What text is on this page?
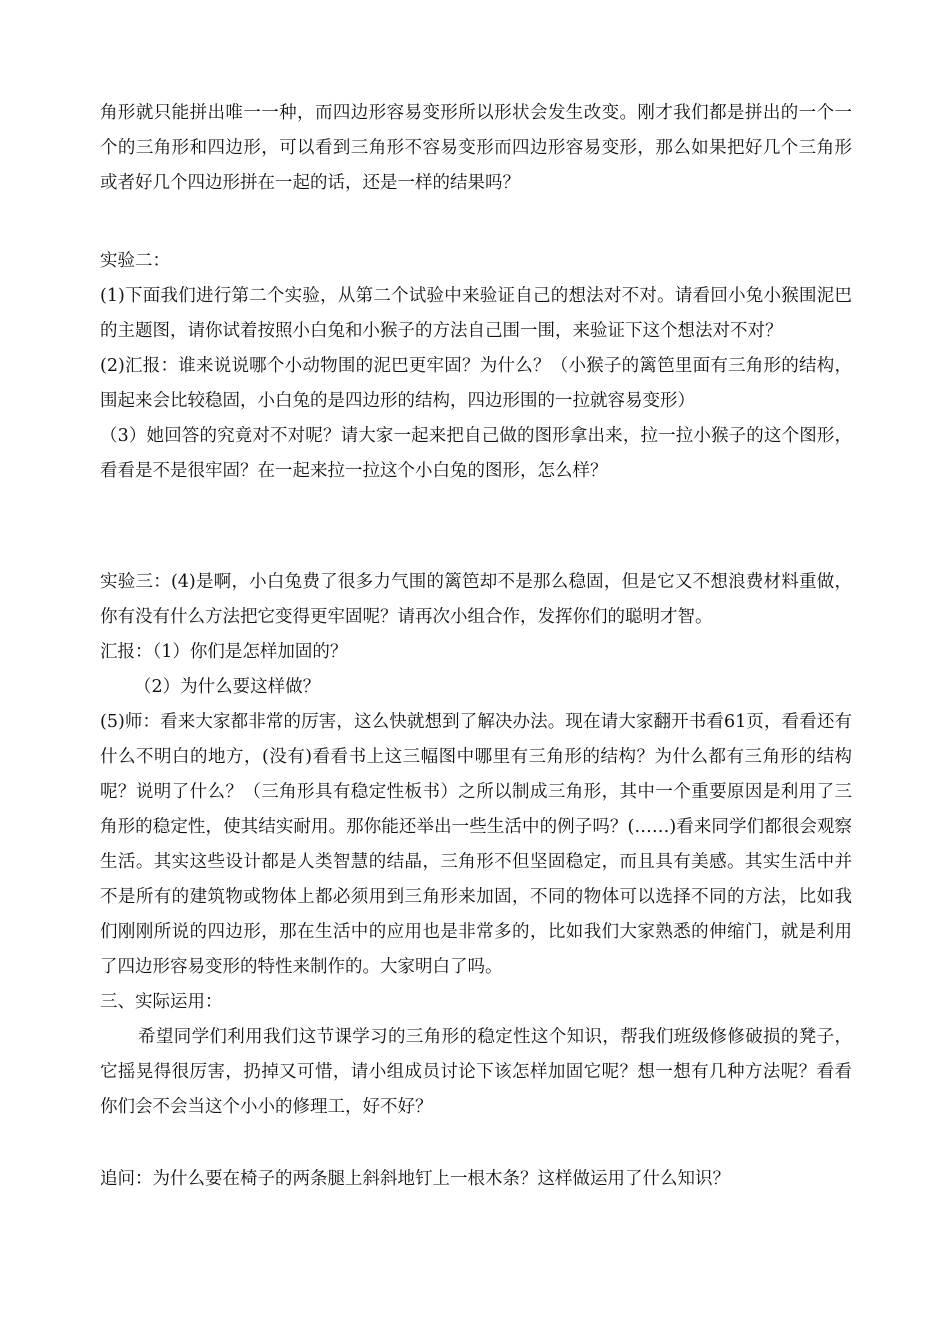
角形就只能拼出唯一一种，而四边形容易变形所以形状会发生改变。刚才我们都是拼出的一个一个的三角形和四边形，可以看到三角形不容易变形而四边形容易变形，那么如果把好几个三角形或者好几个四边形拼在一起的话，还是一样的结果吗？

实验二：

(1)下面我们进行第二个实验，从第二个试验中来验证自己的想法对不对。请看回小兔小猴围泥巴的主题图，请你试着按照小白兔和小猴子的方法自己围一围，来验证下这个想法对不对？

(2)汇报：谁来说说哪个小动物围的泥巴更牢固？为什么？（小猴子的篱笆里面有三角形的结构，围起来会比较稳固，小白兔的是四边形的结构，四边形围的一拉就容易变形）

（3）她回答的究竟对不对呢？请大家一起来把自己做的图形拿出来，拉一拉小猴子的这个图形，看看是不是很牢固？在一起来拉一拉这个小白兔的图形，怎么样？

实验三：(4)是啊，小白兔费了很多力气围的篱笆却不是那么稳固，但是它又不想浪费材料重做，你有没有什么方法把它变得更牢固呢？请再次小组合作，发挥你们的聪明才智。

汇报：（1）你们是怎样加固的？

（2）为什么要这样做？

(5)师：看来大家都非常的厉害，这么快就想到了解决办法。现在请大家翻开书看61页，看看还有什么不明白的地方，(没有)看看书上这三幅图中哪里有三角形的结构？为什么都有三角形的结构呢？说明了什么？（三角形具有稳定性板书）之所以制成三角形，其中一个重要原因是利用了三角形的稳定性，使其结实耐用。那你能还举出一些生活中的例子吗？(……)看来同学们都很会观察生活。其实这些设计都是人类智慧的结晶，三角形不但坚固稳定，而且具有美感。其实生活中并不是所有的建筑物或物体上都必须用到三角形来加固，不同的物体可以选择不同的方法，比如我们刚刚所说的四边形，那在生活中的应用也是非常多的，比如我们大家熟悉的伸缩门，就是利用了四边形容易变形的特性来制作的。大家明白了吗。

三、实际运用：

希望同学们利用我们这节课学习的三角形的稳定性这个知识，帮我们班级修修破损的凳子，它摇晃得很厉害，扔掉又可惜，请小组成员讨论下该怎样加固它呢？想一想有几种方法呢？看看你们会不会当这个小小的修理工，好不好？

追问：为什么要在椅子的两条腿上斜斜地钉上一根木条？这样做运用了什么知识？
